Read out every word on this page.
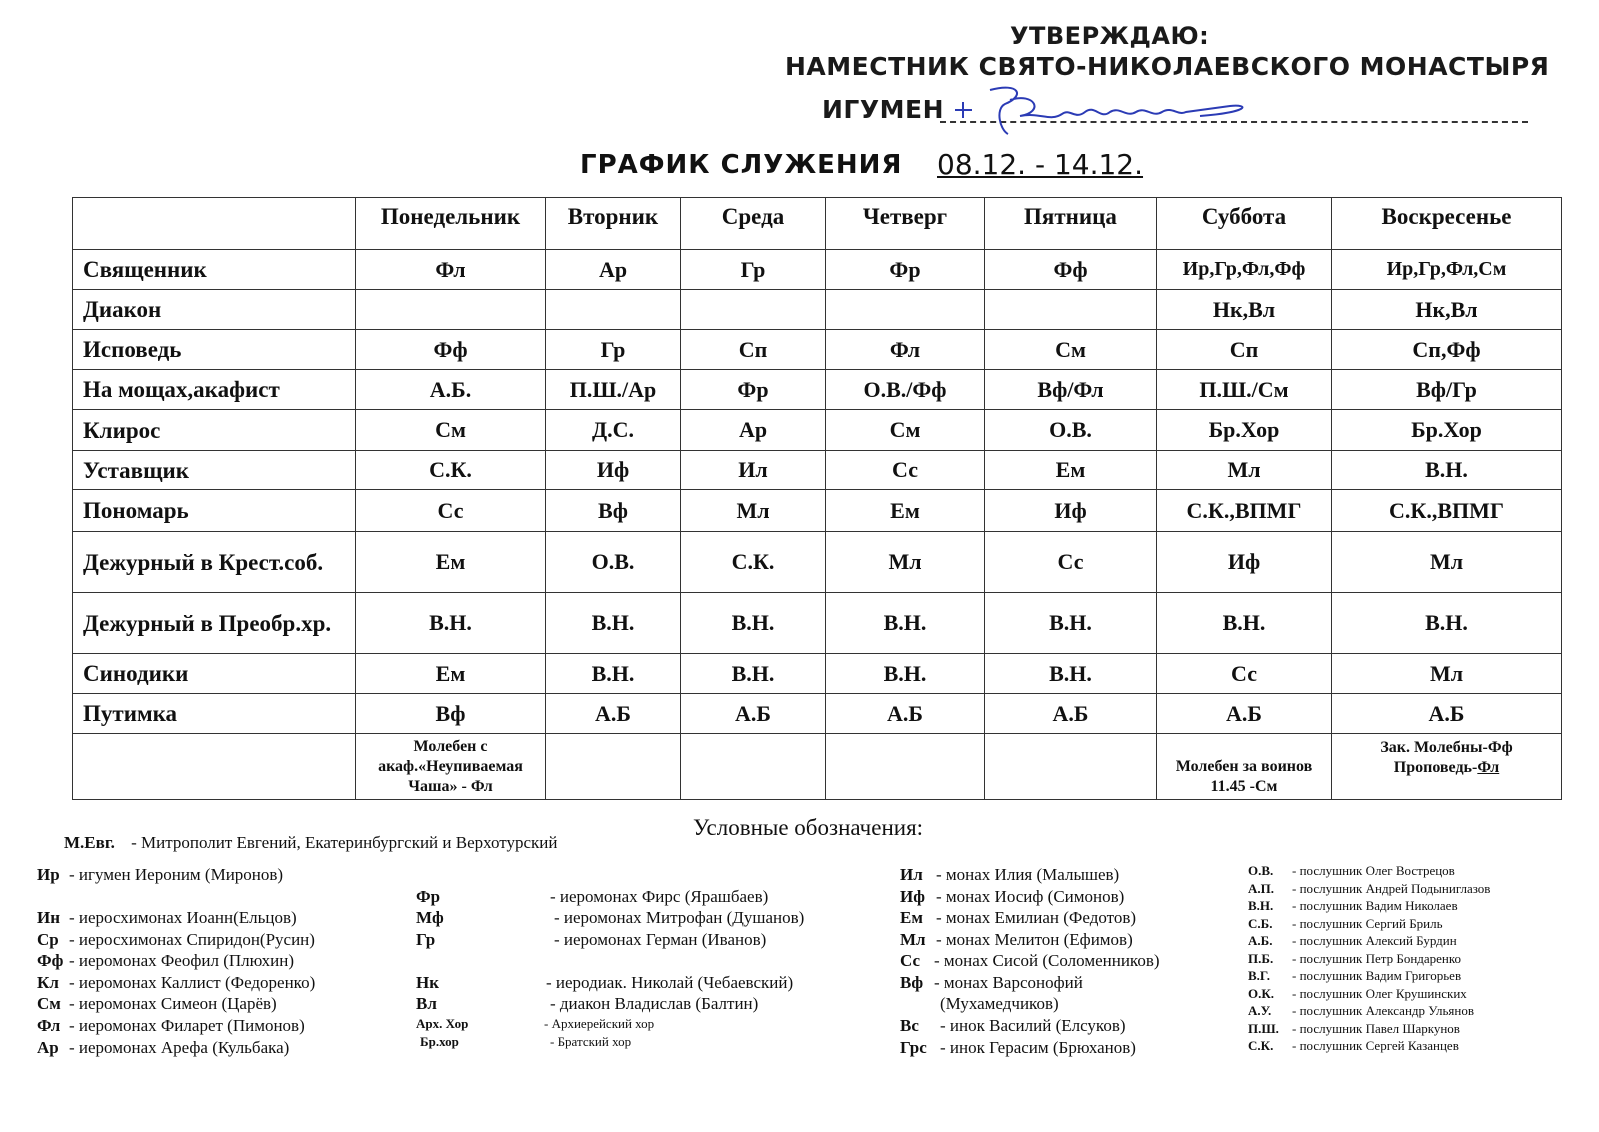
УТВЕРЖДАЮ:
НАМЕСТНИК СВЯТО-НИКОЛАЕВСКОГО МОНАСТЫРЯ
ИГУМЕН
ГРАФИК СЛУЖЕНИЯ 08.12. - 14.12.
	Понедельник	Вторник	Среда	Четверг	Пятница	Суббота	Воскресенье
Священник	Фл	Ар	Гр	Фр	Фф	Ир,Гр,Фл,Фф	Ир,Гр,Фл,См
Диакон						Нк,Вл	Нк,Вл
Исповедь	Фф	Гр	Сп	Фл	См	Сп	Сп,Фф
На мощах,акафист	А.Б.	П.Ш./Ар	Фр	О.В./Фф	Вф/Фл	П.Ш./См	Вф/Гр
Клирос	См	Д.С.	Ар	См	О.В.	Бр.Хор	Бр.Хор
Уставщик	С.К.	Иф	Ил	Сс	Ем	Мл	В.Н.
Пономарь	Сс	Вф	Мл	Ем	Иф	С.К.,ВПМГ	С.К.,ВПМГ
Дежурный в Крест.соб.	Ем	О.В.	С.К.	Мл	Сс	Иф	Мл
Дежурный в Преобр.хр.	В.Н.	В.Н.	В.Н.	В.Н.	В.Н.	В.Н.	В.Н.
Синодики	Ем	В.Н.	В.Н.	В.Н.	В.Н.	Сс	Мл
Путимка	Вф	А.Б	А.Б	А.Б	А.Б	А.Б	А.Б
	Молебен с акаф.«Неупиваемая Чаша» - Фл					Молебен за воинов 11.45 -См	Зак. Молебны-Фф
Проповедь-Фл
Условные обозначения:
М.Евг. - Митрополит Евгений, Екатеринбургский и Верхотурский
Ир - игумен Иероним (Миронов)
Ин - иеросхимонах Иоанн(Ельцов)
Ср - иеросхимонах Спиридон(Русин)
Фф - иеромонах Феофил (Плюхин)
Кл - иеромонах Каллист (Федоренко)
См - иеромонах Симеон (Царёв)
Фл - иеромонах Филарет (Пимонов)
Ар - иеромонах Арефа (Кульбака)
Фр	- иеромонах Фирс (Ярашбаев)
Мф	- иеромонах Митрофан (Душанов)
Гр	- иеромонах Герман (Иванов)
Нк	- иеродиак. Николай (Чебаевский)
Вл	- диакон Владислав (Балтин)
Арх. Хор	- Архиерейский хор
Бр.хор	- Братский хор
Ил - монах Илия (Малышев)
Иф - монах Иосиф (Симонов)
Ем - монах Емилиан (Федотов)
Мл - монах Мелитон (Ефимов)
Сс - монах Сисой (Соломенников)
Вф - монах Варсонофий
(Мухамедчиков)
Вс - инок Василий (Елсуков)
Грс - инок Герасим (Брюханов)
О.В. - послушник Олег Вострецов
А.П. - послушник Андрей Подыниглазов
В.Н. - послушник Вадим Николаев
С.Б. - послушник Сергий Бриль
А.Б. - послушник Алексий Бурдин
П.Б. - послушник Петр Бондаренко
В.Г. - послушник Вадим Григорьев
О.К. - послушник Олег Крушинских
А.У. - послушник Александр Ульянов
П.Ш. - послушник Павел Шаркунов
С.К. - послушник Сергей Казанцев
